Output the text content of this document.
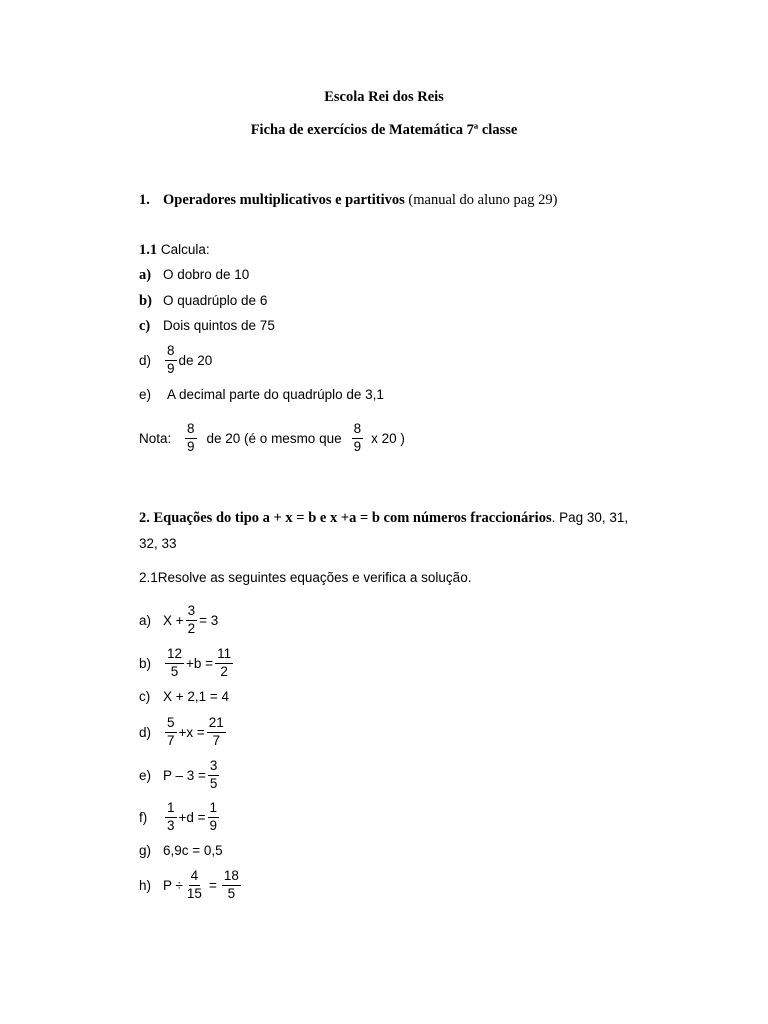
Escola Rei dos Reis
Ficha de exercícios de Matemática 7ª classe
1. Operadores multiplicativos e partitivos (manual do aluno pag 29)
1.1 Calcula:
a) O dobro de 10
b) O quadrúplo de 6
c) Dois quintos de 75
d)	$\frac{8}{9}$ de 20
e) A decimal parte do quadrúplo de 3,1
Nota:	$\frac{8}{9}$ de 20 (é o mesmo que $\frac{8}{9}$ x 20 )
2. Equações do tipo a + x = b e x +a = b com números fraccionários. Pag 30, 31,
32, 33
2.1Resolve as seguintes equações e verifica a solução.
a) $X + \frac{3}{2} = 3$
b)	$\frac{12}{5} +b = \frac{11}{2}$
c) X + 2,1 = 4
d)	$\frac{5}{7} +x = \frac{21}{7}$
e) $P - 3 = \frac{3}{5}$
f)	$\frac{1}{3} +d = \frac{1}{9}$
g) 6,9c = 0,5
h) $P \div \frac{4}{15} = \frac{18}{5}$
